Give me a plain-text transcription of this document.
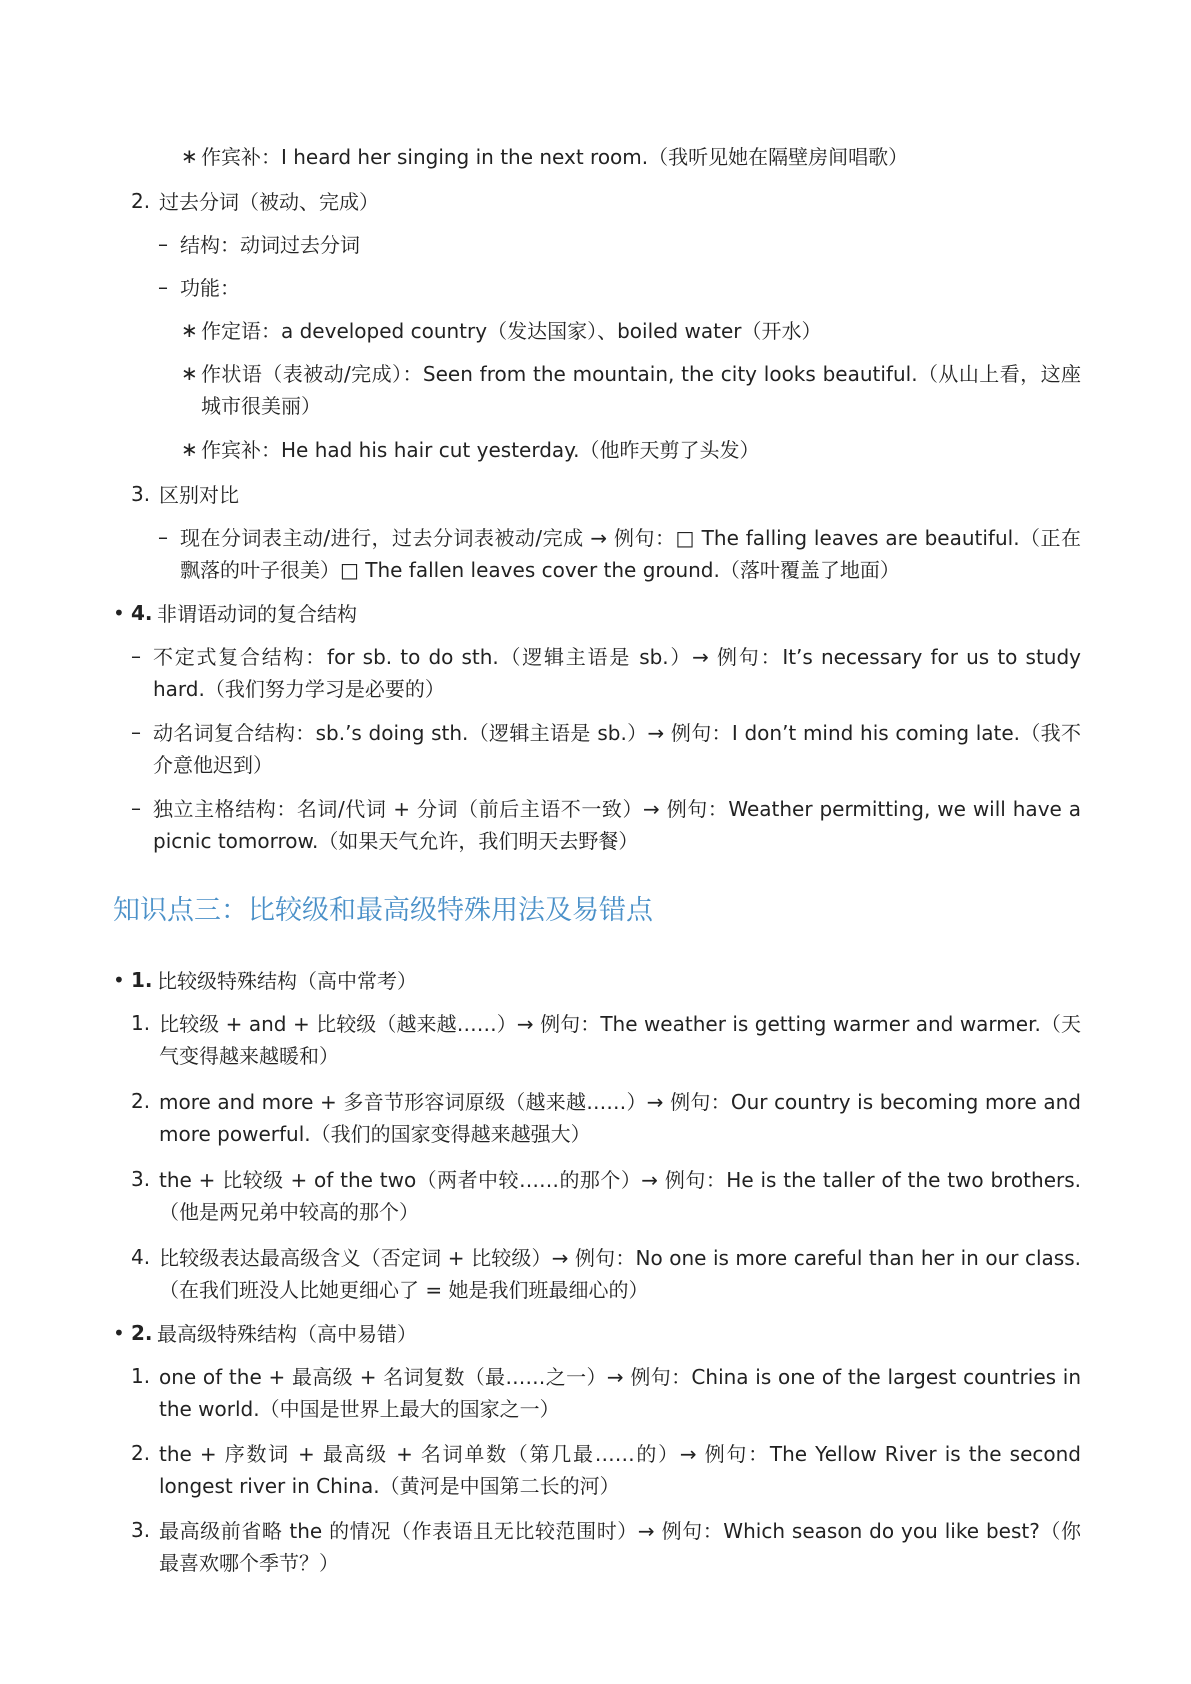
∗ 作宾补：I heard her singing in the next room.（我听见她在隔壁房间唱歌）
2. 过去分词（被动、完成）
– 结构：动词过去分词
– 功能：
∗ 作定语：a developed country（发达国家）、boiled water（开水）
∗ 作状语（表被动/完成）：Seen from the mountain, the city looks beautiful.（从山上看，这座城市很美丽）
∗ 作宾补：He had his hair cut yesterday.（他昨天剪了头发）
3. 区别对比
– 现在分词表主动/进行，过去分词表被动/完成 → 例句：□ The falling leaves are beautiful.（正在飘落的叶子很美）□ The fallen leaves cover the ground.（落叶覆盖了地面）
• 4. 非谓语动词的复合结构
– 不定式复合结构：for sb. to do sth.（逻辑主语是 sb.）→ 例句：It’s necessary for us to study hard.（我们努力学习是必要的）
– 动名词复合结构：sb.’s doing sth.（逻辑主语是 sb.）→ 例句：I don’t mind his coming late.（我不介意他迟到）
– 独立主格结构：名词/代词 + 分词（前后主语不一致）→ 例句：Weather permitting, we will have a picnic tomorrow.（如果天气允许，我们明天去野餐）
知识点三：比较级和最高级特殊用法及易错点
• 1. 比较级特殊结构（高中常考）
1. 比较级 + and + 比较级（越来越……）→ 例句：The weather is getting warmer and warmer.（天气变得越来越暖和）
2. more and more + 多音节形容词原级（越来越……）→ 例句：Our country is becoming more and more powerful.（我们的国家变得越来越强大）
3. the + 比较级 + of the two（两者中较……的那个）→ 例句：He is the taller of the two brothers.（他是两兄弟中较高的那个）
4. 比较级表达最高级含义（否定词 + 比较级）→ 例句：No one is more careful than her in our class.（在我们班没人比她更细心了 = 她是我们班最细心的）
• 2. 最高级特殊结构（高中易错）
1. one of the + 最高级 + 名词复数（最……之一）→ 例句：China is one of the largest countries in the world.（中国是世界上最大的国家之一）
2. the + 序数词 + 最高级 + 名词单数（第几最……的）→ 例句：The Yellow River is the second longest river in China.（黄河是中国第二长的河）
3. 最高级前省略 the 的情况（作表语且无比较范围时）→ 例句：Which season do you like best?（你最喜欢哪个季节？）
